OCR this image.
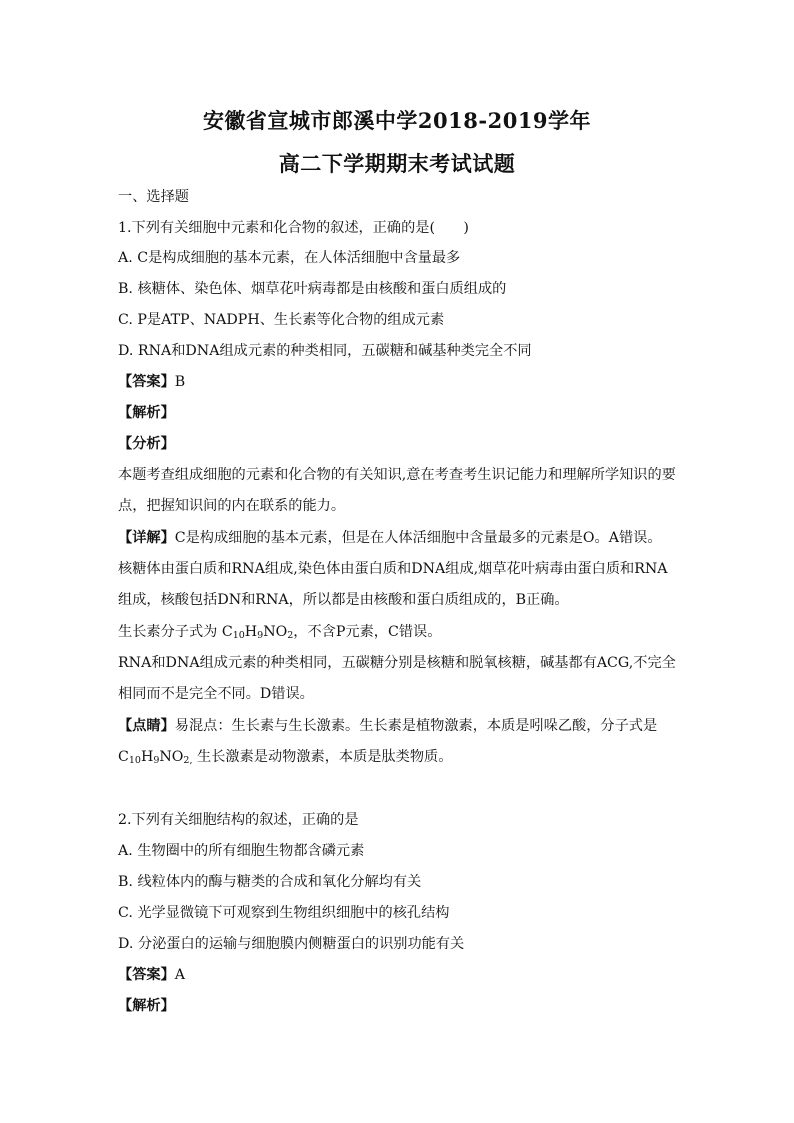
安徽省宣城市郎溪中学2018-2019学年
高二下学期期末考试试题
一、选择题
1.下列有关细胞中元素和化合物的叙述，正确的是(　　)
A. C是构成细胞的基本元素，在人体活细胞中含量最多
B. 核糖体、染色体、烟草花叶病毒都是由核酸和蛋白质组成的
C. P是ATP、NADPH、生长素等化合物的组成元素
D. RNA和DNA组成元素的种类相同，五碳糖和碱基种类完全不同
【答案】B
【解析】
【分析】
本题考查组成细胞的元素和化合物的有关知识,意在考查考生识记能力和理解所学知识的要
点，把握知识间的内在联系的能力。
【详解】C是构成细胞的基本元素，但是在人体活细胞中含量最多的元素是O。A错误。
核糖体由蛋白质和RNA组成,染色体由蛋白质和DNA组成,烟草花叶病毒由蛋白质和RNA
组成，核酸包括DN和RNA，所以都是由核酸和蛋白质组成的，B正确。
生长素分子式为 $C_{10}H_9NO_2$，不含P元素，C错误。
RNA和DNA组成元素的种类相同，五碳糖分别是核糖和脱氧核糖，碱基都有ACG,不完全
相同而不是完全不同。D错误。
【点睛】易混点：生长素与生长激素。生长素是植物激素，本质是吲哚乙酸，分子式是
$C_{10}H_9NO_{2,}$ 生长激素是动物激素，本质是肽类物质。
2.下列有关细胞结构的叙述，正确的是
A. 生物圈中的所有细胞生物都含磷元素
B. 线粒体内的酶与糖类的合成和氧化分解均有关
C. 光学显微镜下可观察到生物组织细胞中的核孔结构
D. 分泌蛋白的运输与细胞膜内侧糖蛋白的识别功能有关
【答案】A
【解析】
